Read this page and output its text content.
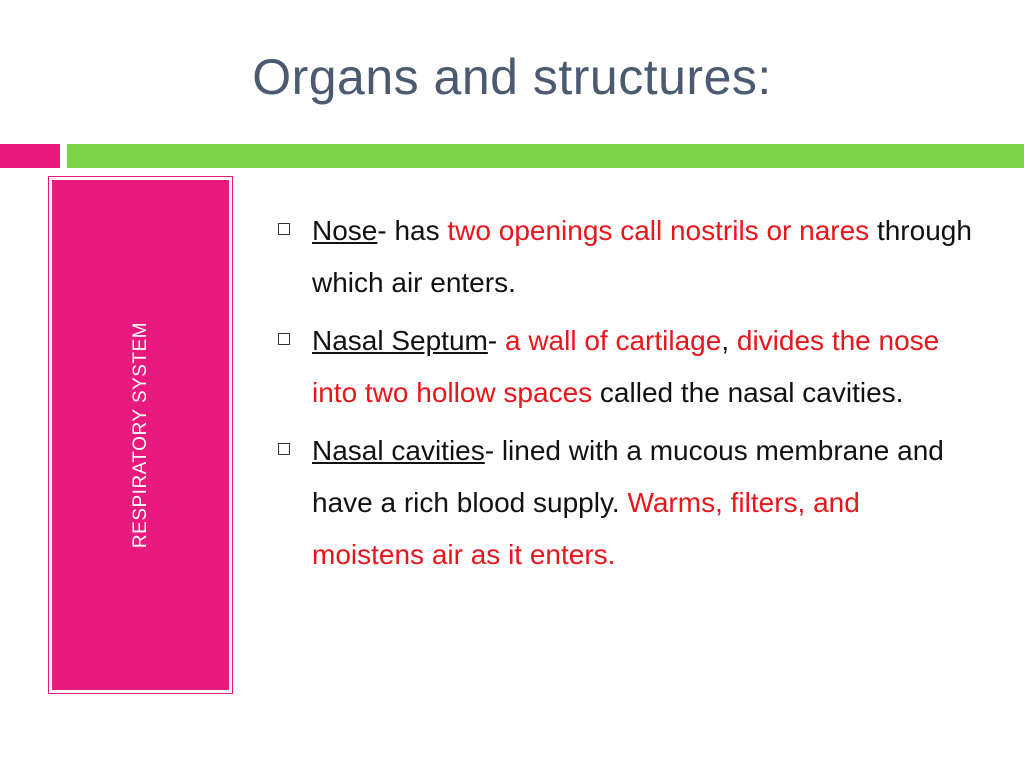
Organs and structures:
RESPIRATORY SYSTEM
Nose- has two openings call nostrils or nares through which air enters.
Nasal Septum- a wall of cartilage, divides the nose into two hollow spaces called the nasal cavities.
Nasal cavities- lined with a mucous membrane and have a rich blood supply. Warms, filters, and moistens air as it enters.
